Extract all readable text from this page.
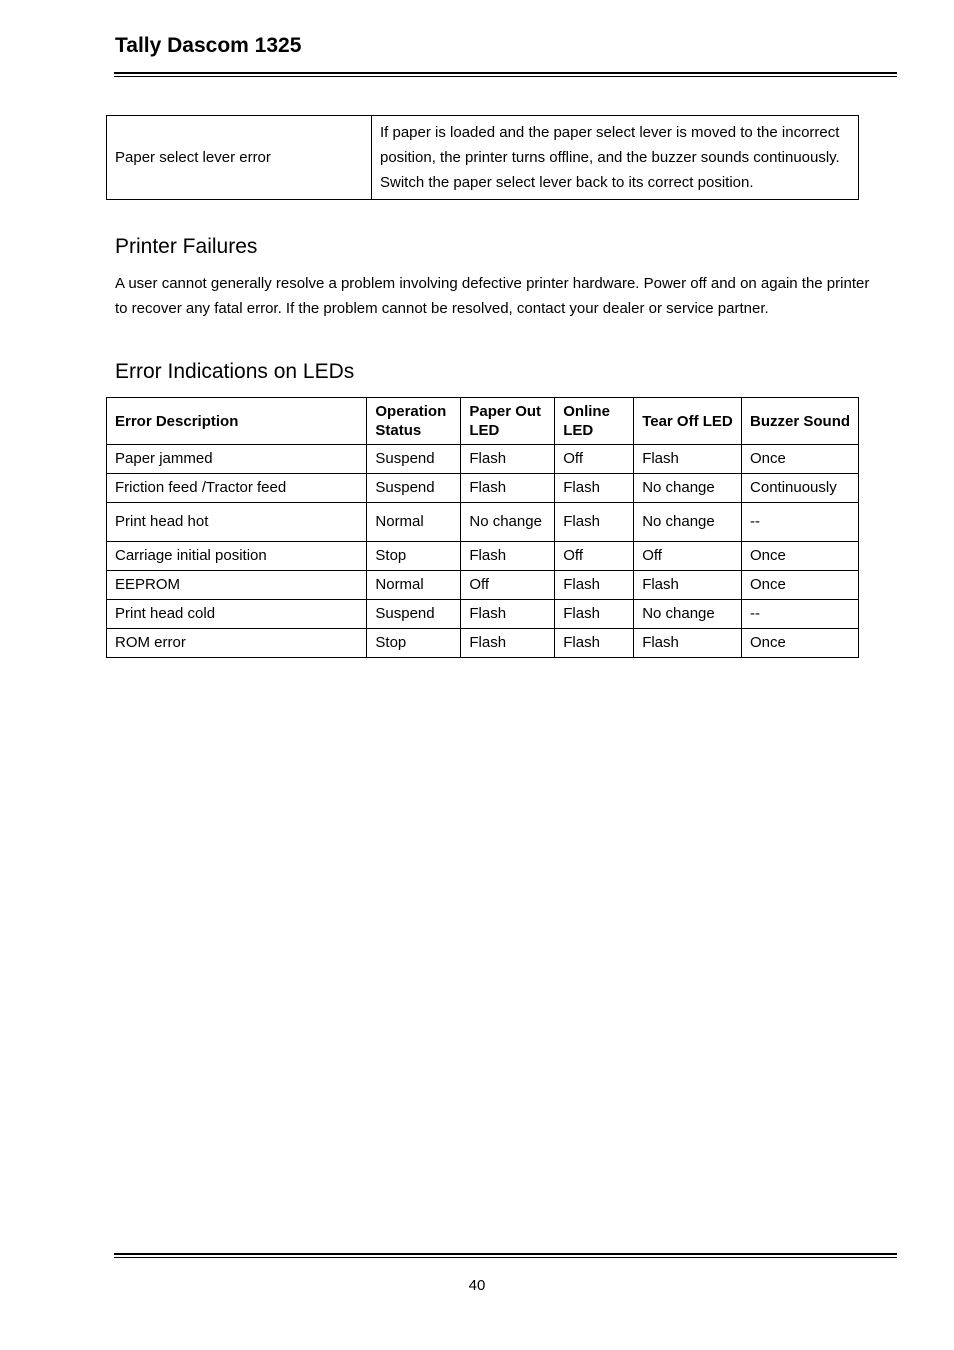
Tally Dascom 1325
Paper select lever error	If paper is loaded and the paper select lever is moved to the incorrect position, the printer turns offline, and the buzzer sounds continuously. Switch the paper select lever back to its correct position.
Printer Failures
A user cannot generally resolve a problem involving defective printer hardware. Power off and on again the printer to recover any fatal error. If the problem cannot be resolved, contact your dealer or service partner.
Error Indications on LEDs
Error Description	Operation Status	Paper Out LED	Online LED	Tear Off LED	Buzzer Sound
Paper jammed	Suspend	Flash	Off	Flash	Once
Friction feed /Tractor feed	Suspend	Flash	Flash	No change	Continuously
Print head hot	Normal	No change	Flash	No change	--
Carriage initial position	Stop	Flash	Off	Off	Once
EEPROM	Normal	Off	Flash	Flash	Once
Print head cold	Suspend	Flash	Flash	No change	--
ROM error	Stop	Flash	Flash	Flash	Once
40
